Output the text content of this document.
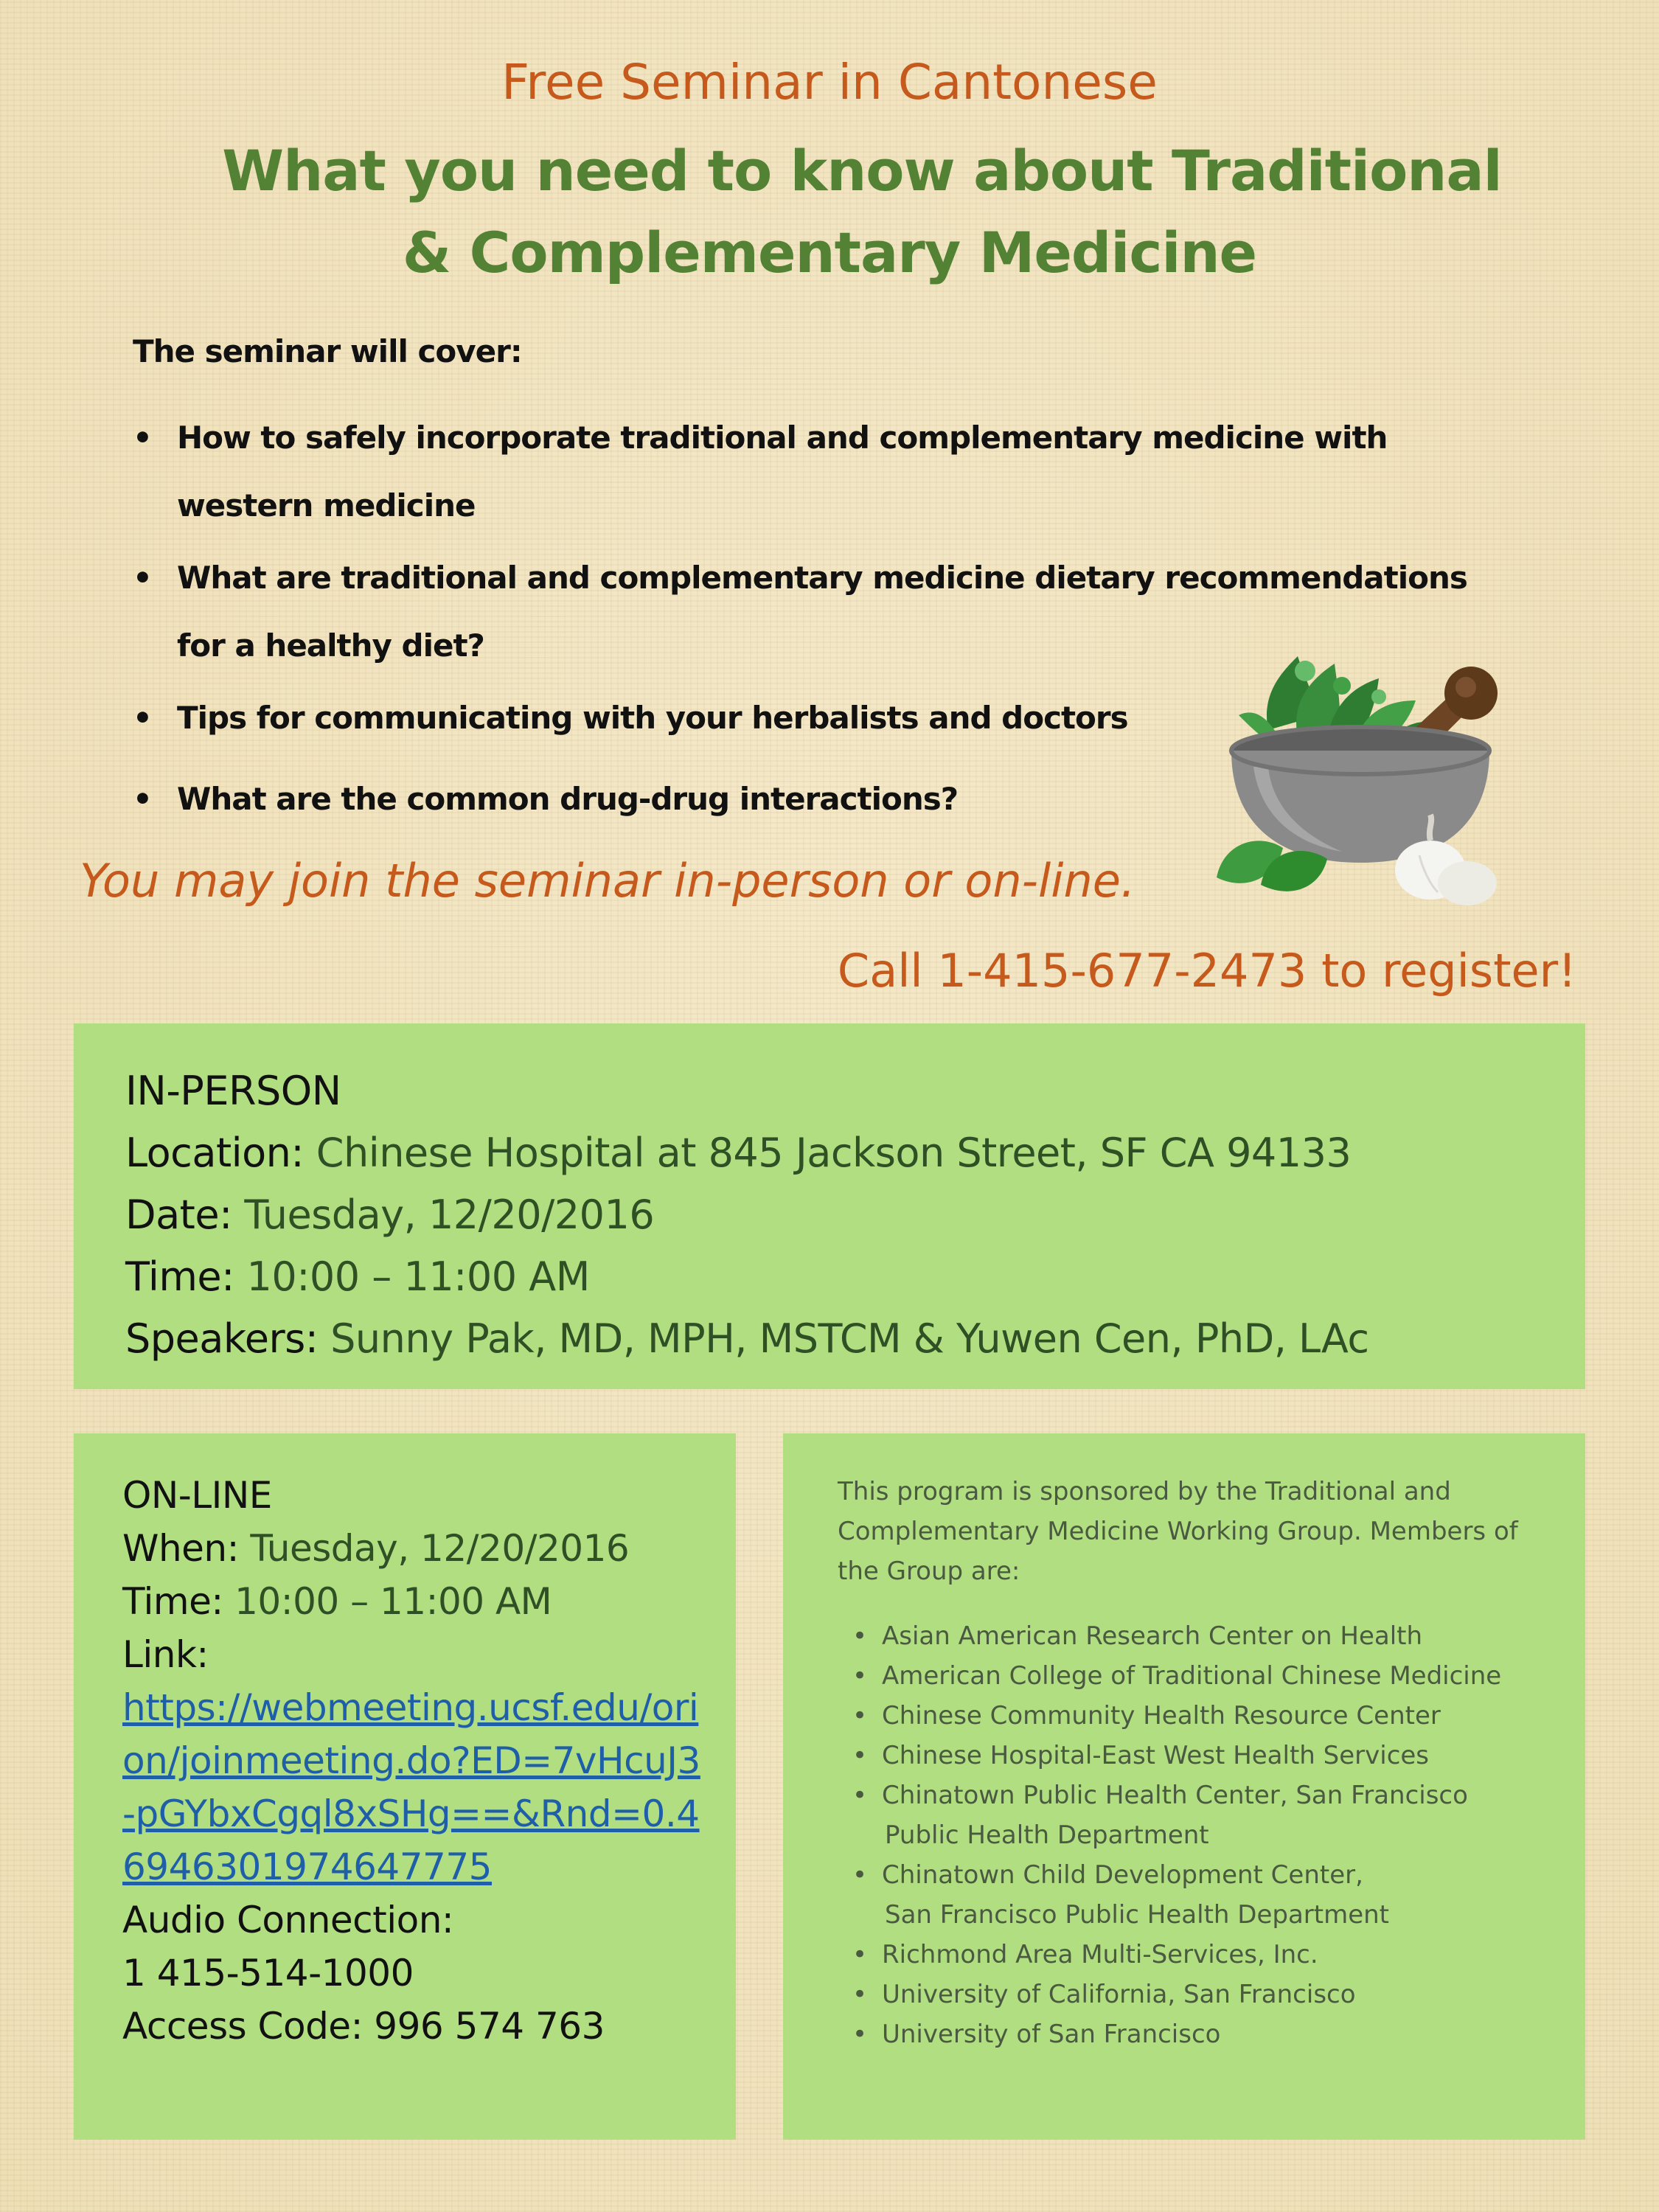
Free Seminar in Cantonese
What you need to know about Traditional
& Complementary Medicine
The seminar will cover:
• How to safely incorporate traditional and complementary medicine with
western medicine
• What are traditional and complementary medicine dietary recommendations
for a healthy diet?
• Tips for communicating with your herbalists and doctors
• What are the common drug-drug interactions?
You may join the seminar in-person or on-line.
Call 1-415-677-2473 to register!
IN-PERSON
Location: Chinese Hospital at 845 Jackson Street, SF CA 94133
Date: Tuesday, 12/20/2016
Time: 10:00 – 11:00 AM
Speakers: Sunny Pak, MD, MPH, MSTCM & Yuwen Cen, PhD, LAc
ON-LINE
When: Tuesday, 12/20/2016
Time: 10:00 – 11:00 AM
Link:
https://webmeeting.ucsf.edu/orion/joinmeeting.do?ED=7vHcuJ3-pGYbxCgql8xSHg==&Rnd=0.46946301974647775
Audio Connection:
1 415-514-1000
Access Code: 996 574 763
This program is sponsored by the Traditional and Complementary Medicine Working Group. Members of the Group are:
• Asian American Research Center on Health
• American College of Traditional Chinese Medicine
• Chinese Community Health Resource Center
• Chinese Hospital-East West Health Services
• Chinatown Public Health Center, San Francisco
Public Health Department
• Chinatown Child Development Center,
San Francisco Public Health Department
• Richmond Area Multi-Services, Inc.
• University of California, San Francisco
• University of San Francisco
